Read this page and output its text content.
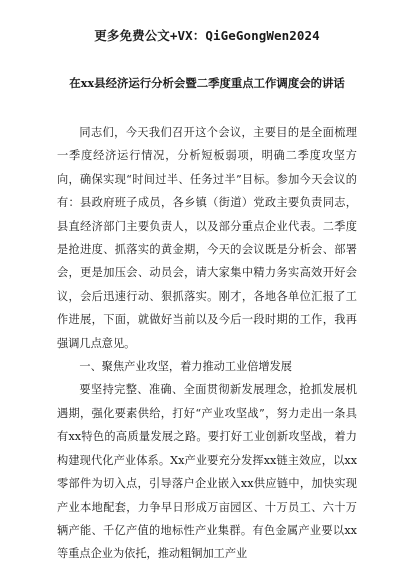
更多免费公文+VX：QiGeGongWen2024
在xx县经济运行分析会暨二季度重点工作调度会的讲话

同志们，今天我们召开这个会议，主要目的是全面梳理一季度经济运行情况，分析短板弱项，明确二季度攻坚方向，确保实现“时间过半、任务过半”目标。参加今天会议的有：县政府班子成员，各乡镇（街道）党政主要负责同志，县直经济部门主要负责人，以及部分重点企业代表。二季度是抢进度、抓落实的黄金期，今天的会议既是分析会、部署会，更是加压会、动员会，请大家集中精力务实高效开好会议，会后迅速行动、狠抓落实。刚才，各地各单位汇报了工作进展，下面，就做好当前以及今后一段时期的工作，我再强调几点意见。

一、聚焦产业攻坚，着力推动工业倍增发展

要坚持完整、准确、全面贯彻新发展理念，抢抓发展机遇期，强化要素供给，打好“产业攻坚战”，努力走出一条具有xx特色的高质量发展之路。要打好工业创新攻坚战，着力构建现代化产业体系。Xx产业要充分发挥xx链主效应，以xx零部件为切入点，引导落户企业嵌入xx供应链中，加快实现产业本地配套，力争早日形成万亩园区、十万员工、六十万辆产能、千亿产值的地标性产业集群。有色金属产业要以xx等重点企业为依托，推动粗铜加工产业
